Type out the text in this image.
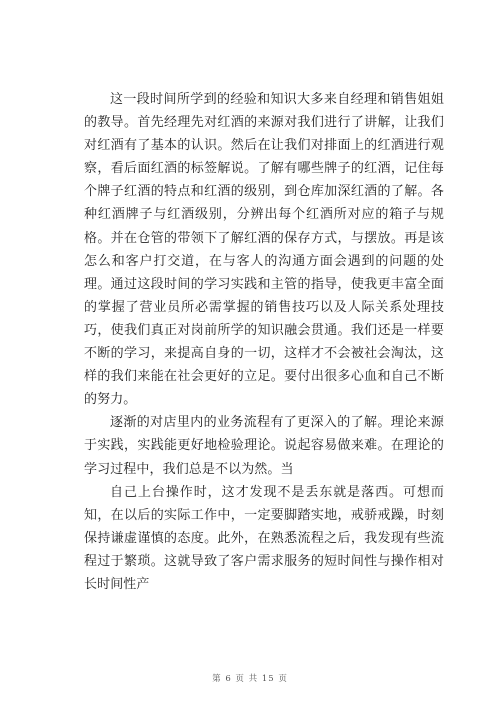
这一段时间所学到的经验和知识大多来自经理和销售姐姐的教导。首先经理先对红酒的来源对我们进行了讲解，让我们对红酒有了基本的认识。然后在让我们对排面上的红酒进行观察，看后面红酒的标签解说。了解有哪些牌子的红酒，记住每个牌子红酒的特点和红酒的级别，到仓库加深红酒的了解。各种红酒牌子与红酒级别，分辨出每个红酒所对应的箱子与规格。并在仓管的带领下了解红酒的保存方式，与摆放。再是该怎么和客户打交道，在与客人的沟通方面会遇到的问题的处理。通过这段时间的学习实践和主管的指导，使我更丰富全面的掌握了营业员所必需掌握的销售技巧以及人际关系处理技巧，使我们真正对岗前所学的知识融会贯通。我们还是一样要不断的学习，来提高自身的一切，这样才不会被社会淘汰，这样的我们来能在社会更好的立足。要付出很多心血和自己不断的努力。

逐渐的对店里内的业务流程有了更深入的了解。理论来源于实践，实践能更好地检验理论。说起容易做来难。在理论的学习过程中，我们总是不以为然。当

自己上台操作时，这才发现不是丢东就是落西。可想而知，在以后的实际工作中，一定要脚踏实地，戒骄戒躁，时刻保持谦虚谨慎的态度。此外，在熟悉流程之后，我发现有些流程过于繁琐。这就导致了客户需求服务的短时间性与操作相对长时间性产

第 6 页 共 15 页
